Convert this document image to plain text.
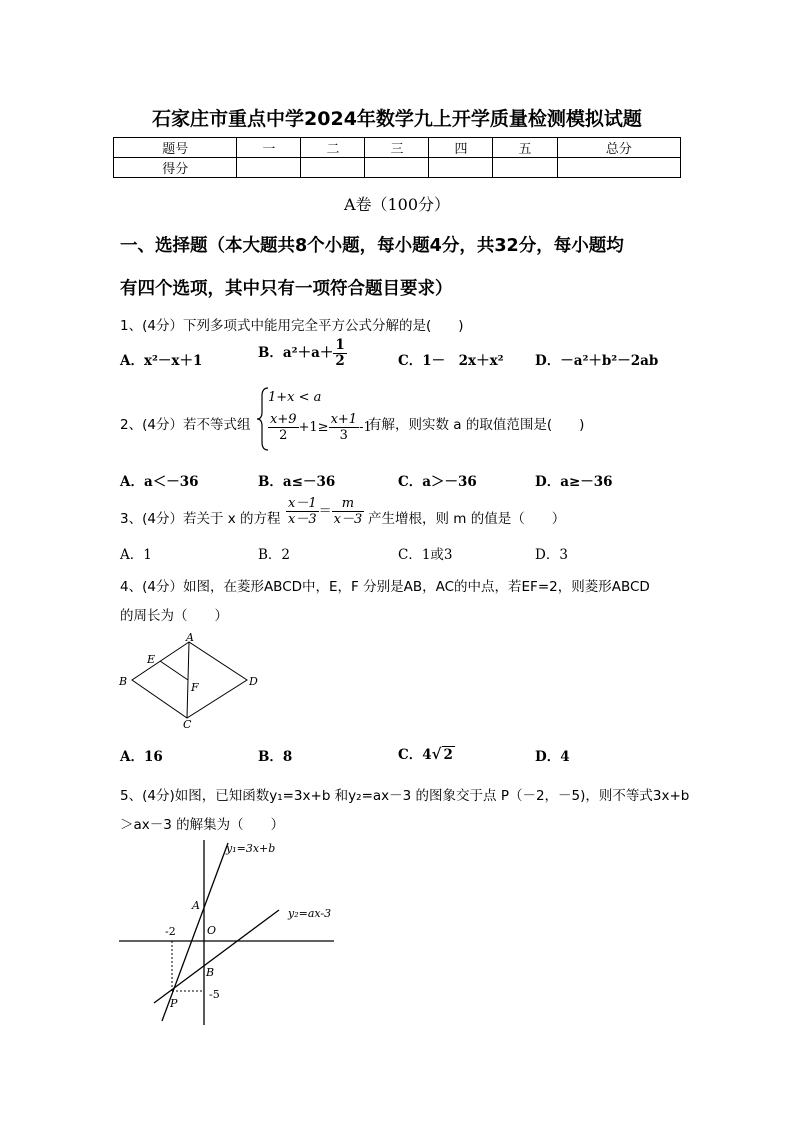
石家庄市重点中学2024年数学九上开学质量检测模拟试题
题号	一	二	三	四	五	总分
得分						
A卷（100分）
一、选择题（本大题共8个小题，每小题4分，共32分，每小题均
有四个选项，其中只有一项符合题目要求）
1、(4分）下列多项式中能用完全平方公式分解的是(　　)
A．x²－x＋1	B．$a^2+a+ \frac{1}{2}$	C．1－　2x＋x² D．－a²＋b²－2ab
2、(4分）若不等式组
1+x < a
$\frac{x+9}{2} +1\ge \frac{x+1}{3} -1$
有解，则实数 a 的取值范围是(　　)
A．a＜－36	B．a≤－36	C．a＞－36	D．a≥－36
3、(4分）若关于 x 的方程 $\frac{x-1}{x-3} = \frac{m}{x-3}$ 产生增根，则 m 的值是（　　）
A．1	B．2	C．1或3	D．3
4、(4分）如图，在菱形ABCD中，E，F 分别是AB，AC的中点，若EF=2，则菱形ABCD
的周长为（　　）
A
B
C
D
E
F
A．16	B．8	C．4√ 2	D．4
5、(4分)如图，已知函数y₁=3x+b 和y₂=ax－3 的图象交于点 P（－2，－5)，则不等式3x+b
＞ax－3 的解集为（　　）
y₁=3x+b
y₂=ax-3
A
B
O
P
-2
-5
